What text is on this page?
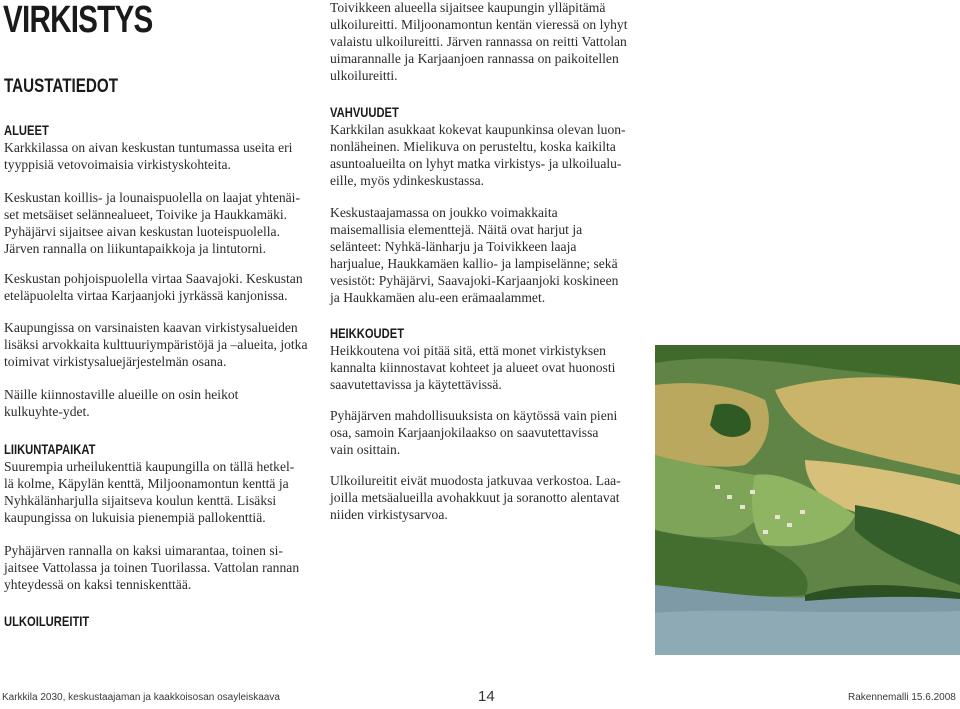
VIRKISTYS
TAUSTATIEDOT
ALUEET

Karkkilassa on aivan keskustan tuntumassa useita eri tyyppisiä vetovoimaisia virkistyskohteita.

Keskustan koillis- ja lounaispuolella on laajat yhtenäi-set metsäiset selännealueet, Toivike ja Haukkamäki. Pyhäjärvi sijaitsee aivan keskustan luoteispuolella. Järven rannalla on liikuntapaikkoja ja lintutorni.

Keskustan pohjoispuolella virtaa Saavajoki. Keskustan eteläpuolelta virtaa Karjaanjoki jyrkässä kanjonissa.

Kaupungissa on varsinaisten kaavan virkistysalueiden lisäksi arvokkaita kulttuuriympäristöjä ja –alueita, jotka toimivat virkistysaluejärjestelmän osana.

Näille kiinnostaville alueille on osin heikot kulkuyhte-ydet.

LIIKUNTAPAIKAT

Suurempia urheilukenttiä kaupungilla on tällä hetkel-lä kolme, Käpylän kenttä, Miljoonamontun kenttä ja Nyhkälänharjulla sijaitseva koulun kenttä. Lisäksi kaupungissa on lukuisia pienempiä pallokenttiä.

Pyhäjärven rannalla on kaksi uimarantaa, toinen si-jaitsee Vattolassa ja toinen Tuorilassa. Vattolan rannan yhteydessä on kaksi tenniskenttää.

ULKOILUREITIT

Toivikkeen alueella sijaitsee kaupungin ylläpitämä ulkoilureitti. Miljoonamontun kentän vieressä on lyhyt valaistu ulkoilureitti. Järven rannassa on reitti Vattolan uimarannalle ja Karjaanjoen rannassa on paikoitellen ulkoilureitti.

VAHVUUDET

Karkkilan asukkaat kokevat kaupunkinsa olevan luon-nonläheinen. Mielikuva on perusteltu, koska kaikilta asuntoalueilta on lyhyt matka virkistys- ja ulkoilualu-eille, myös ydinkeskustassa.

Keskustaajamassa on joukko voimakkaita maisemallisia elementtejä. Näitä ovat harjut ja selänteet: Nyhkä-länharju ja Toivikkeen laaja harjualue, Haukkamäen kallio- ja lampiselänne; sekä vesistöt: Pyhäjärvi, Saavajoki-Karjaanjoki koskineen ja Haukkamäen alu-een erämaalammet.

HEIKKOUDET

Heikkoutena voi pitää sitä, että monet virkistyksen kannalta kiinnostavat kohteet ja alueet ovat huonosti saavutettavissa ja käytettävissä.

Pyhäjärven mahdollisuuksista on käytössä vain pieni osa, samoin Karjaanjokilaakso on saavutettavissa vain osittain.

Ulkoilureitit eivät muodosta jatkuvaa verkostoa. Laa-joilla metsäalueilla avohakkuut ja soranotto alentavat niiden virkistysarvoa.

Karkkila 2030, keskustaajaman ja kaakkoisosan osayleiskaava	14	Rakennemalli 15.6.2008
